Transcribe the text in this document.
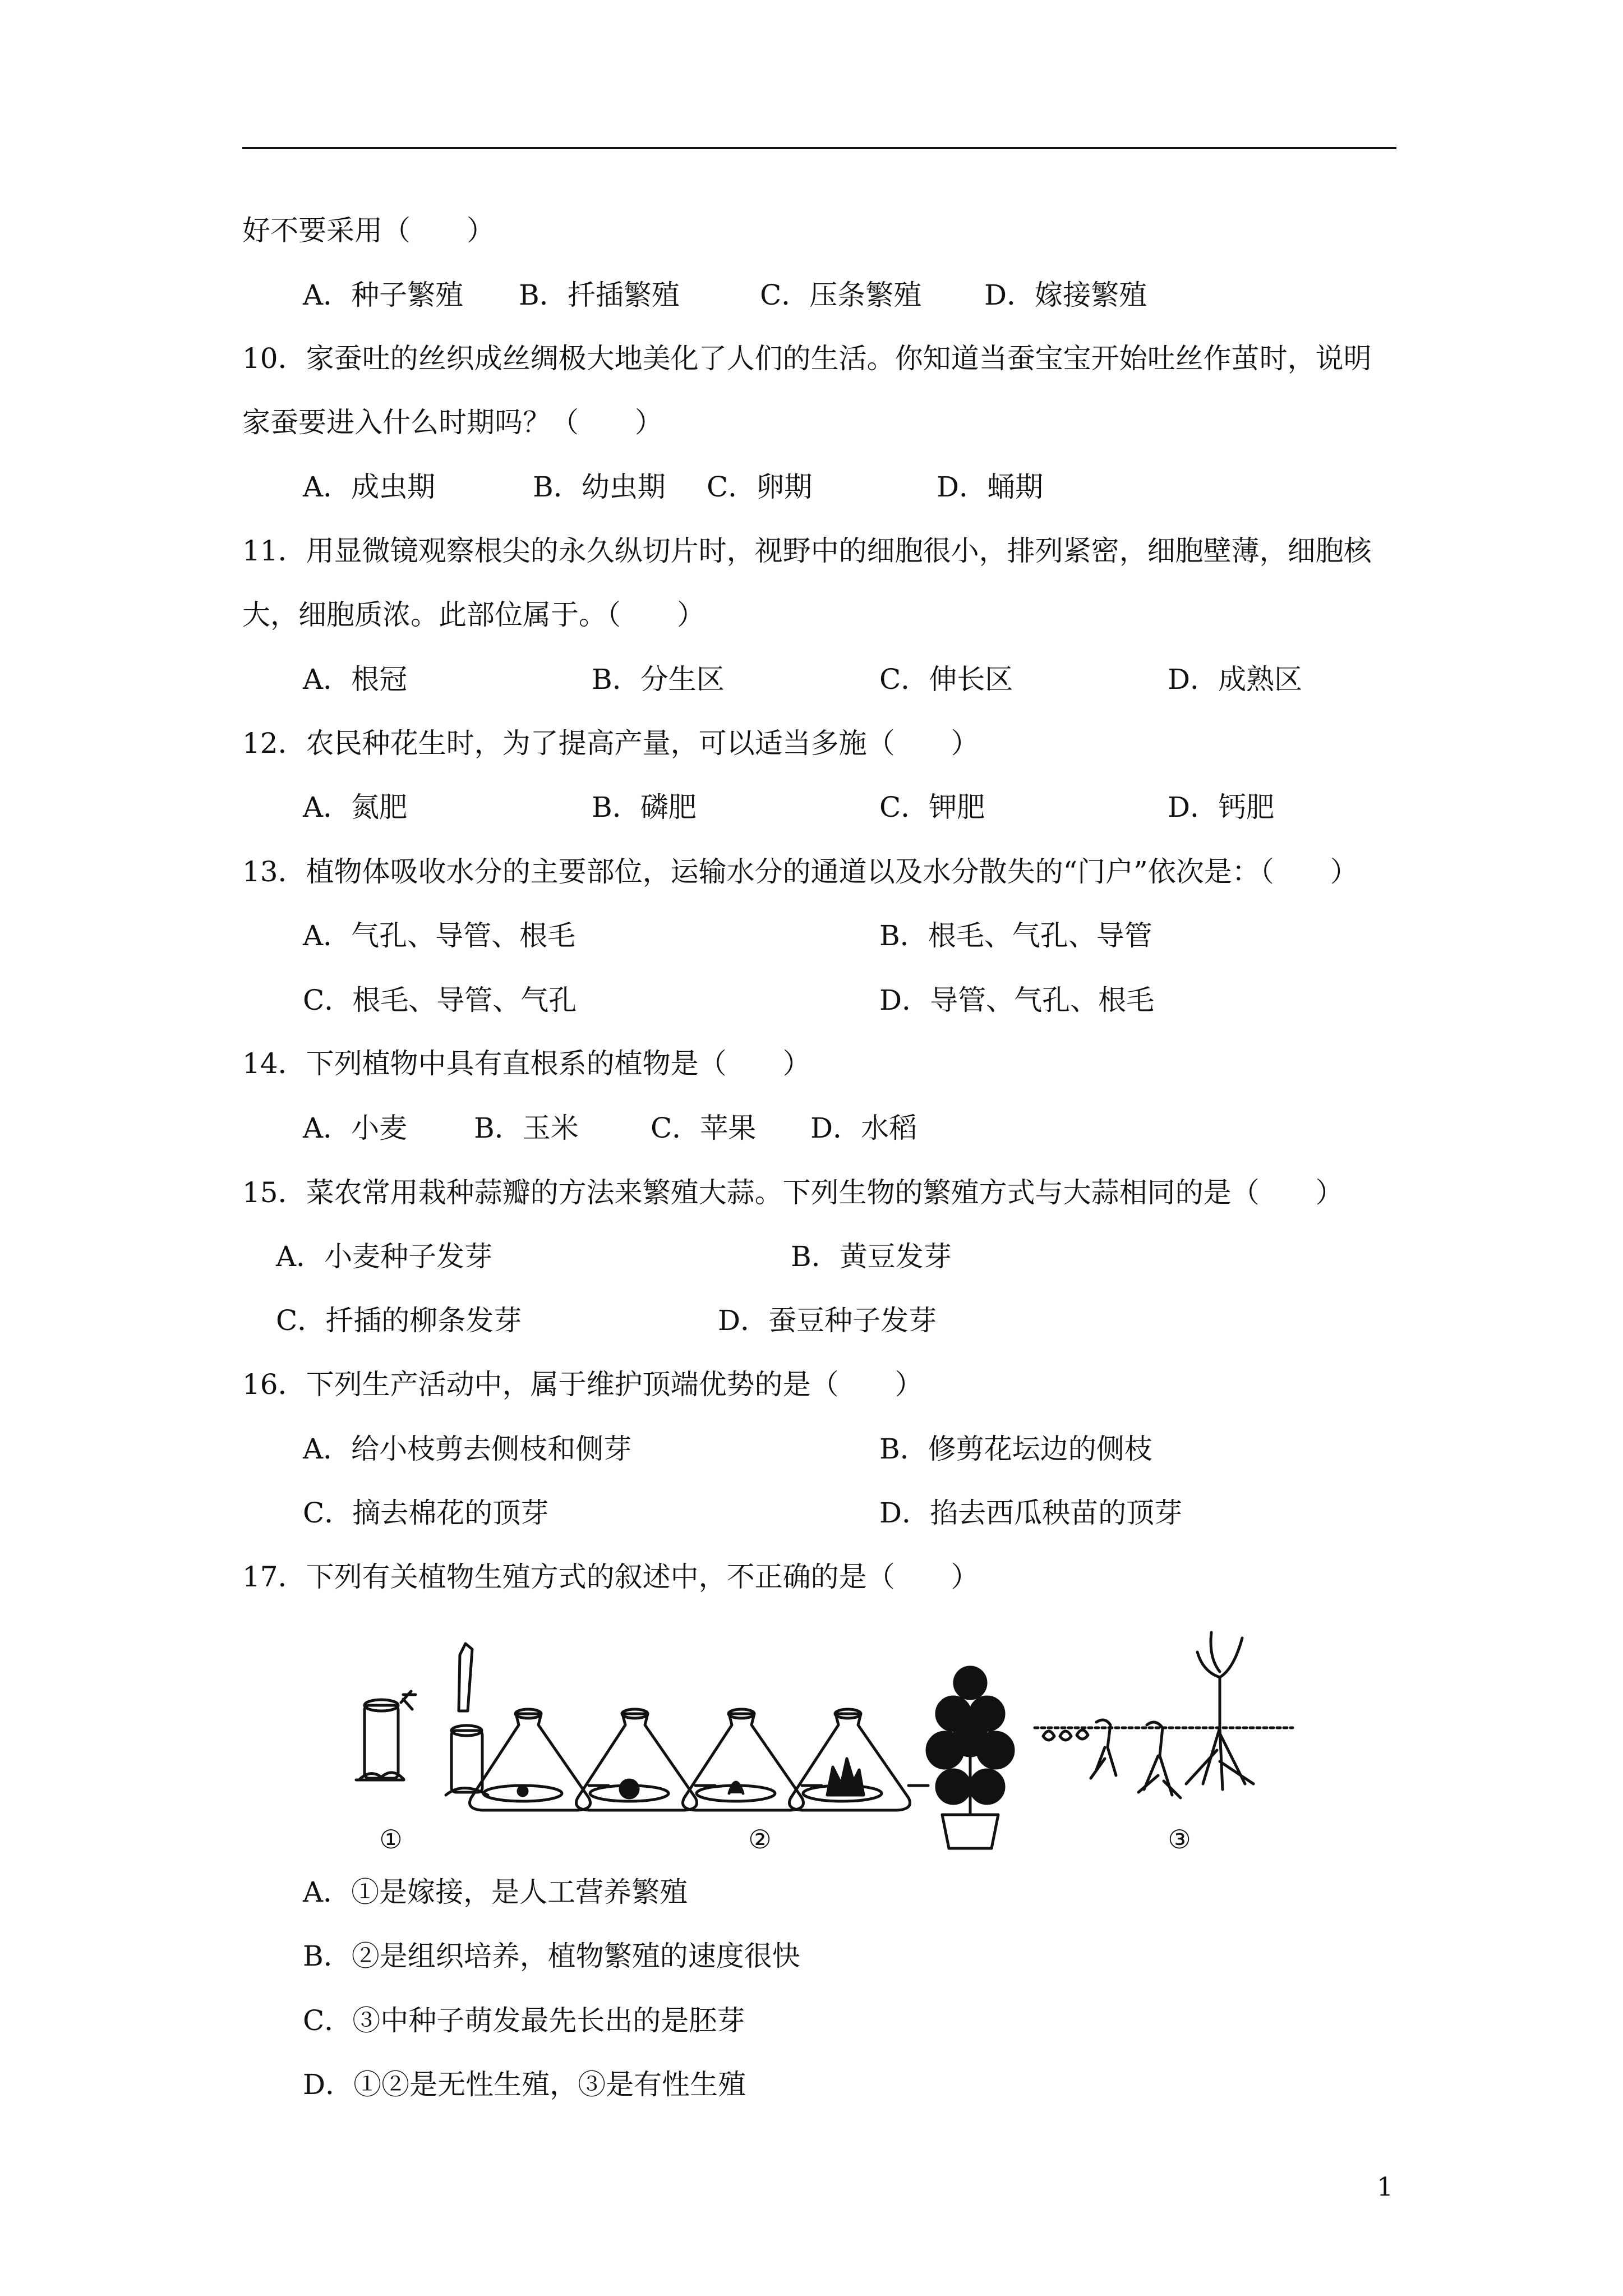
好不要采用（　　）
A．种子繁殖 B．扦插繁殖	C．压条繁殖 D．嫁接繁殖
10．家蚕吐的丝织成丝绸极大地美化了人们的生活。你知道当蚕宝宝开始吐丝作茧时，说明
家蚕要进入什么时期吗？（　　）
A．成虫期	B．幼虫期 C．卵期	D．蛹期
11．用显微镜观察根尖的永久纵切片时，视野中的细胞很小，排列紧密，细胞壁薄，细胞核
大，细胞质浓。此部位属于。（　　）
A．根冠	B．分生区	C．伸长区	D．成熟区
12．农民种花生时，为了提高产量，可以适当多施（　　）
A．氮肥	B．磷肥	C．钾肥	D．钙肥
13．植物体吸收水分的主要部位，运输水分的通道以及水分散失的“门户”依次是：（　　）
A．气孔、导管、根毛	B．根毛、气孔、导管
C．根毛、导管、气孔	D．导管、气孔、根毛
14．下列植物中具有直根系的植物是（　　）
A．小麦 B．玉米	C．苹果 D．水稻
15．菜农常用栽种蒜瓣的方法来繁殖大蒜。下列生物的繁殖方式与大蒜相同的是（　　）
A．小麦种子发芽	B．黄豆发芽
C．扦插的柳条发芽	D．蚕豆种子发芽
16．下列生产活动中，属于维护顶端优势的是（　　）
A．给小枝剪去侧枝和侧芽	B．修剪花坛边的侧枝
C．摘去棉花的顶芽	D．掐去西瓜秧苗的顶芽
17．下列有关植物生殖方式的叙述中，不正确的是（　　）
①	②	③
A．①是嫁接，是人工营养繁殖
B．②是组织培养，植物繁殖的速度很快
C．③中种子萌发最先长出的是胚芽
D．①②是无性生殖，③是有性生殖
1
